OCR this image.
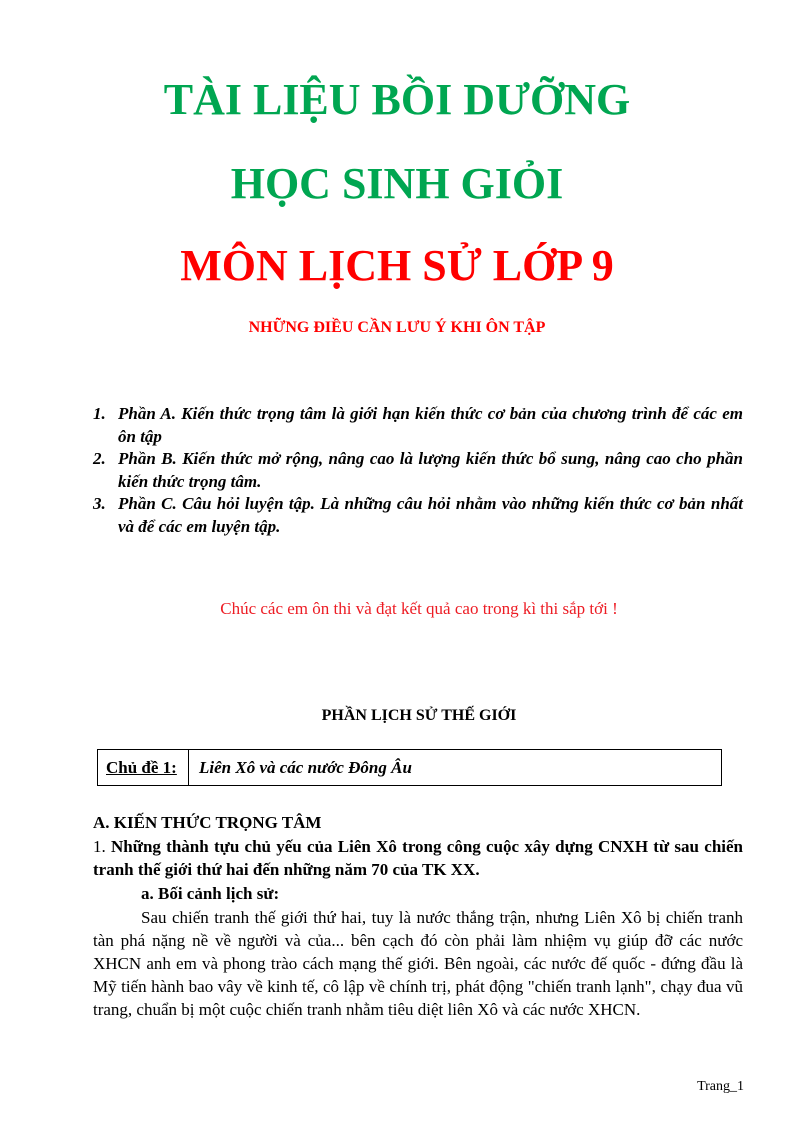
TÀI LIỆU BỒI DƯỠNG
HỌC SINH GIỎI
MÔN LỊCH SỬ LỚP 9
NHỮNG ĐIỀU CẦN LƯU Ý KHI ÔN TẬP
1. Phần A. Kiến thức trọng tâm là giới hạn kiến thức cơ bản của chương trình để các em ôn tập
2. Phần B. Kiến thức mở rộng, nâng cao là lượng kiến thức bổ sung, nâng cao cho phần kiến thức trọng tâm.
3. Phần C. Câu hỏi luyện tập. Là những câu hỏi nhằm vào những kiến thức cơ bản nhất và để các em luyện tập.

Chúc các em ôn thi và đạt kết quả cao trong kì thi sắp tới !

PHẦN LỊCH SỬ THẾ GIỚI

Chủ đề 1:	Liên Xô và các nước Đông Âu

A. KIẾN THỨC TRỌNG TÂM

1. Những thành tựu chủ yếu của Liên Xô trong công cuộc xây dựng CNXH từ sau chiến tranh thế giới thứ hai đến những năm 70 của TK XX.

a. Bối cảnh lịch sử:

Sau chiến tranh thế giới thứ hai, tuy là nước thắng trận, nhưng Liên Xô bị chiến tranh tàn phá nặng nề về người và của... bên cạch đó còn phải làm nhiệm vụ giúp đỡ các nước XHCN anh em và phong trào cách mạng thế giới. Bên ngoài, các nước đế quốc - đứng đầu là Mỹ tiến hành bao vây về kinh tế, cô lập về chính trị, phát động "chiến tranh lạnh", chạy đua vũ trang, chuẩn bị một cuộc chiến tranh nhằm tiêu diệt liên Xô và các nước XHCN.

Trang_1
